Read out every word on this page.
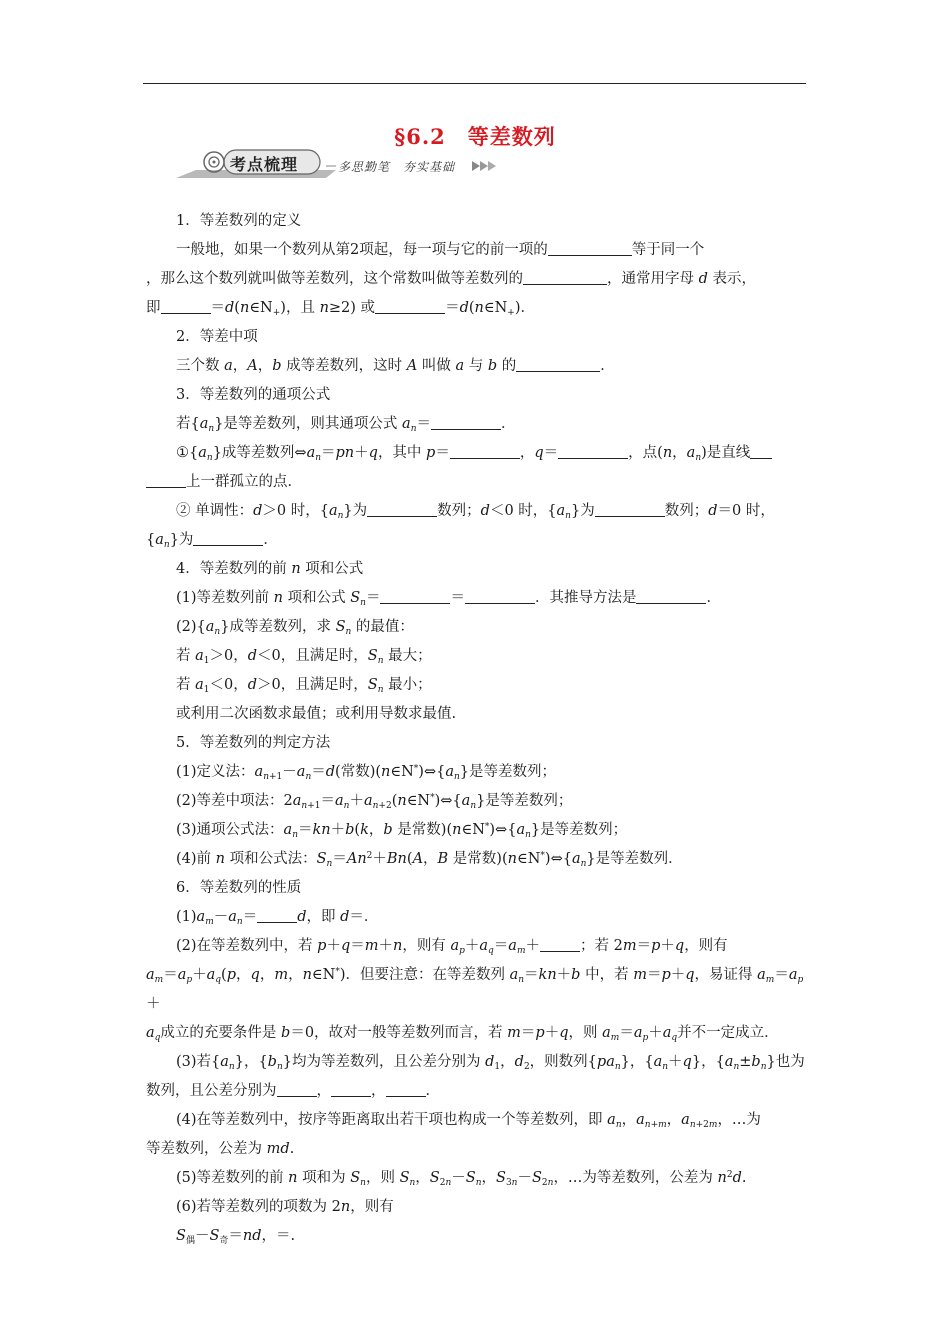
§6.2　等差数列
考点梳理	多思勤笔　夯实基础

1．等差数列的定义

一般地，如果一个数列从第2项起，每一项与它的前一项的	等于同一个

，那么这个数列就叫做等差数列，这个常数叫做等差数列的	，通常用字母 d 表示，

即	$=d(n\in N_+)$，且 n≥2) 或	$=d(n\in N_+)$．

2．等差中项

三个数 a，A，b 成等差数列，这时 A 叫做 a 与 b 的	．

3．等差数列的通项公式

若$\{a_n\}$是等差数列，则其通项公式 $a_n=$	．

$①\{a_n\}$成等差数列$\Leftrightarrow a_n=pn+q$，其中 p＝	，q＝	，点(n，$a_n$)是直线

上一群孤立的点．

② 单调性：d＞0 时，$\{a_n\}$为	数列；d＜0 时，$\{a_n\}$为	数列；d＝0 时，

$\{a_n\}$为	．

4．等差数列的前 n 项和公式

(1)等差数列前 n 项和公式 $S_n=$	＝	．其推导方法是	．

$(2)\{a_n\}$成等差数列，求 $S_n$ 的最值：

若 $a_1>0$，d＜0，且满足时，$S_n$ 最大；

若 $a_1<0$，d＞0，且满足时，$S_n$ 最小；

或利用二次函数求最值；或利用导数求最值.

5．等差数列的判定方法

(1)定义法：$a_{n+1}-a_n=d$(常数)$(n\in N^*)\Leftrightarrow\{a_n\}$是等差数列；

(2)等差中项法：$2a_{n+1}=a_n+a_{n+2}(n\in N^*)\Leftrightarrow\{a_n\}$是等差数列；

(3)通项公式法：$a_n=kn+b(k$，b 是常数)$(n\in N^*)\Leftrightarrow\{a_n\}$是等差数列；

(4)前 n 项和公式法：$S_n=An^2+Bn(A$，B 是常数)$(n\in N^*)\Leftrightarrow\{a_n\}$是等差数列．

6．等差数列的性质

$(1)a_m-a_n=$	d，即 d＝．

(2)在等差数列中，若 p＋q＝m＋n，则有 $a_p+a_q=a_m+$	；若 2m＝p＋q，则有

$a_m=a_p+a_q(p$，q，m，n∈N*)．但要注意：在等差数列 $a_n=kn+b$ 中，若 m＝p＋q，易证得 $a_m=a_p+$

$a_q$成立的充要条件是 b＝0，故对一般等差数列而言，若 m＝p＋q，则 $a_m=a_p+a_q$并不一定成立．

(3)若$\{a_n\}$，$\{b_n\}$均为等差数列，且公差分别为 $d_1$，$d_2$，则数列$\{pa_n\}$，$\{a_n+q\}$，$\{a_n\pm b_n\}$也为

数列，且公差分别为	，	，	．

(4)在等差数列中，按序等距离取出若干项也构成一个等差数列，即 $a_n$，$a_{n+m}$，$a_{n+2m}$，…为

等差数列，公差为 md.

(5)等差数列的前 n 项和为 $S_n$，则 $S_n$，$S_{2n}-S_n$，$S_{3n}-S_{2n}$，…为等差数列，公差为 $n^2d$.

(6)若等差数列的项数为 2n，则有

$S_偶-S_奇=nd$，＝.
